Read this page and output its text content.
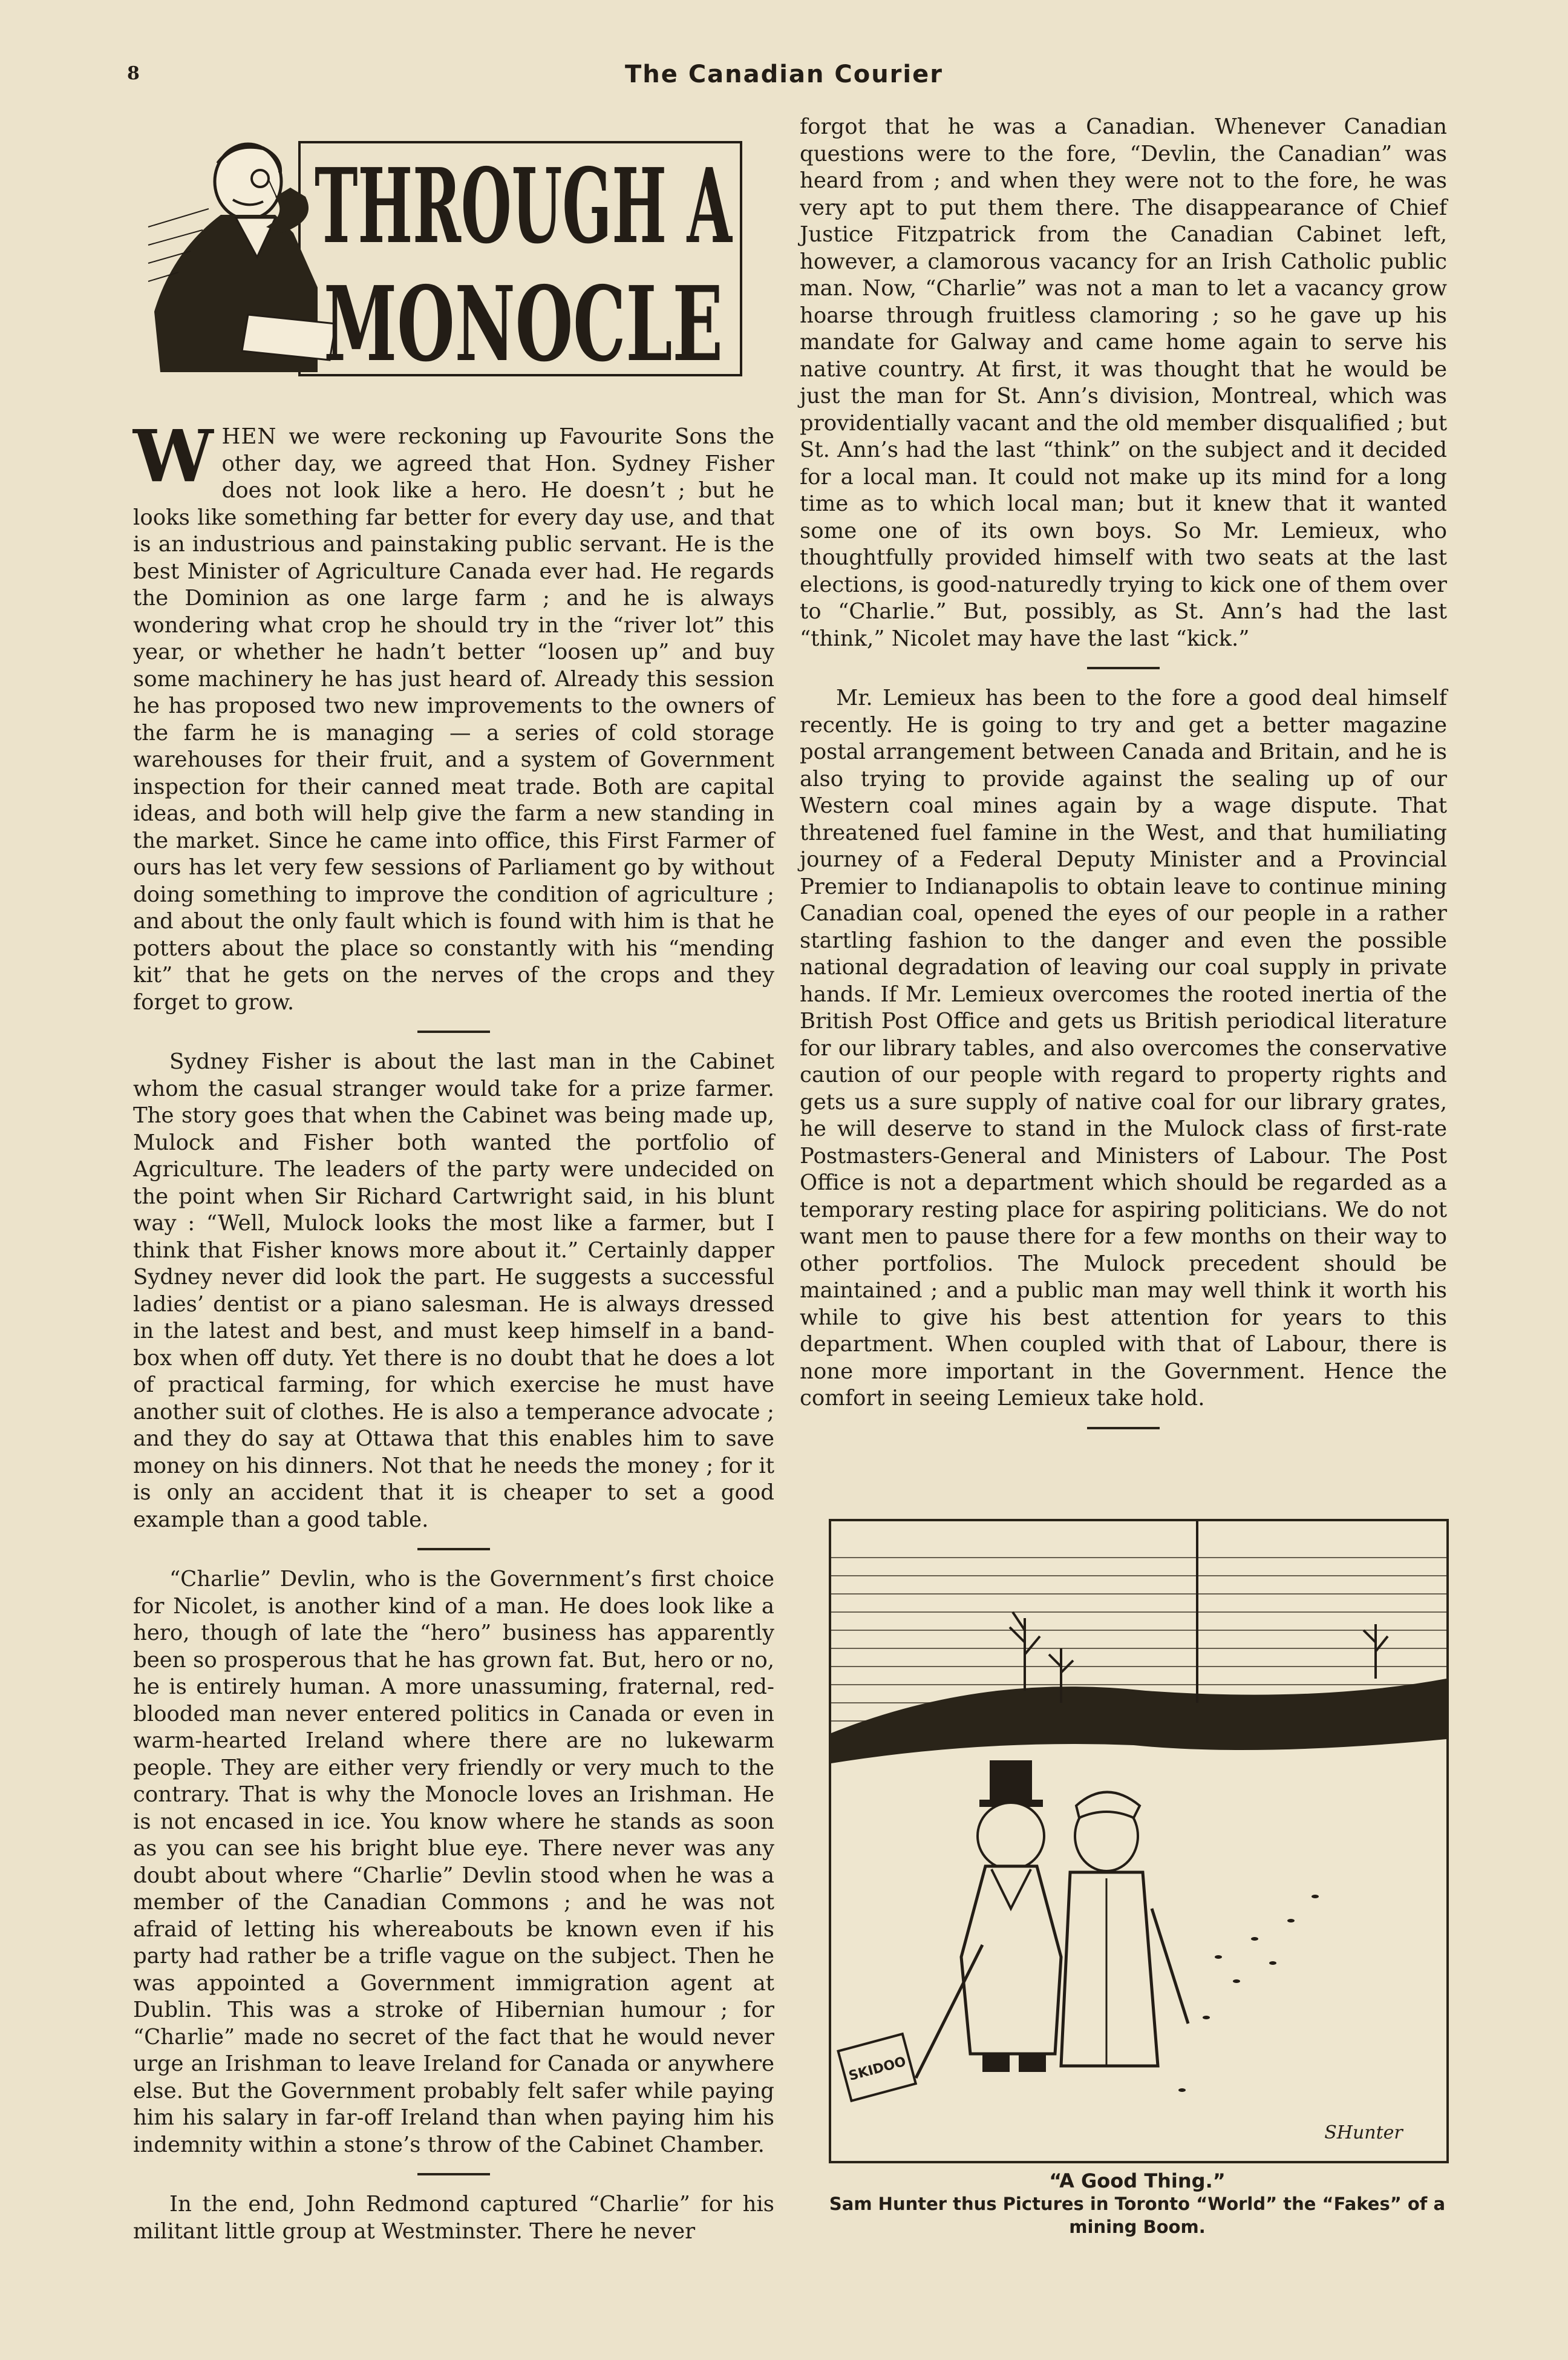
8	The Canadian Courier
THROUGH A
MONOCLE

WHEN we were reckoning up Favourite Sons the other day, we agreed that Hon. Sydney Fisher does not look like a hero. He doesn’t ; but he looks like something far better for every day use, and that is an industrious and painstaking public servant. He is the best Minister of Agriculture Canada ever had. He regards the Dominion as one large farm ; and he is always wondering what crop he should try in the “river lot” this year, or whether he hadn’t better “loosen up” and buy some machinery he has just heard of. Already this session he has proposed two new improvements to the owners of the farm he is managing — a series of cold storage warehouses for their fruit, and a system of Government inspection for their canned meat trade. Both are capital ideas, and both will help give the farm a new standing in the market. Since he came into office, this First Farmer of ours has let very few sessions of Parliament go by without doing something to improve the condition of agriculture ; and about the only fault which is found with him is that he potters about the place so constantly with his “mending kit” that he gets on the nerves of the crops and they forget to grow.

Sydney Fisher is about the last man in the Cabinet whom the casual stranger would take for a prize farmer. The story goes that when the Cabinet was being made up, Mulock and Fisher both wanted the portfolio of Agriculture. The leaders of the party were undecided on the point when Sir Richard Cartwright said, in his blunt way : “Well, Mulock looks the most like a farmer, but I think that Fisher knows more about it.” Certainly dapper Sydney never did look the part. He suggests a successful ladies’ dentist or a piano salesman. He is always dressed in the latest and best, and must keep himself in a band-box when off duty. Yet there is no doubt that he does a lot of practical farming, for which exercise he must have another suit of clothes. He is also a temperance advocate ; and they do say at Ottawa that this enables him to save money on his dinners. Not that he needs the money ; for it is only an accident that it is cheaper to set a good example than a good table.

“Charlie” Devlin, who is the Government’s first choice for Nicolet, is another kind of a man. He does look like a hero, though of late the “hero” business has apparently been so prosperous that he has grown fat. But, hero or no, he is entirely human. A more unassuming, fraternal, red-blooded man never entered politics in Canada or even in warm-hearted Ireland where there are no lukewarm people. They are either very friendly or very much to the contrary. That is why the Monocle loves an Irishman. He is not encased in ice. You know where he stands as soon as you can see his bright blue eye. There never was any doubt about where “Charlie” Devlin stood when he was a member of the Canadian Commons ; and he was not afraid of letting his whereabouts be known even if his party had rather be a trifle vague on the subject. Then he was appointed a Government immigration agent at Dublin. This was a stroke of Hibernian humour ; for “Charlie” made no secret of the fact that he would never urge an Irishman to leave Ireland for Canada or anywhere else. But the Government probably felt safer while paying him his salary in far-off Ireland than when paying him his indemnity within a stone’s throw of the Cabinet Chamber.

In the end, John Redmond captured “Charlie” for his militant little group at Westminster. There he never

forgot that he was a Canadian. Whenever Canadian questions were to the fore, “Devlin, the Canadian” was heard from ; and when they were not to the fore, he was very apt to put them there. The disappearance of Chief Justice Fitzpatrick from the Canadian Cabinet left, however, a clamorous vacancy for an Irish Catholic public man. Now, “Charlie” was not a man to let a vacancy grow hoarse through fruitless clamoring ; so he gave up his mandate for Galway and came home again to serve his native country. At first, it was thought that he would be just the man for St. Ann’s division, Montreal, which was providentially vacant and the old member disqualified ; but St. Ann’s had the last “think” on the subject and it decided for a local man. It could not make up its mind for a long time as to which local man; but it knew that it wanted some one of its own boys. So Mr. Lemieux, who thoughtfully provided himself with two seats at the last elections, is good-naturedly trying to kick one of them over to “Charlie.” But, possibly, as St. Ann’s had the last “think,” Nicolet may have the last “kick.”

Mr. Lemieux has been to the fore a good deal himself recently. He is going to try and get a better magazine postal arrangement between Canada and Britain, and he is also trying to provide against the sealing up of our Western coal mines again by a wage dispute. That threatened fuel famine in the West, and that humiliating journey of a Federal Deputy Minister and a Provincial Premier to Indianapolis to obtain leave to continue mining Canadian coal, opened the eyes of our people in a rather startling fashion to the danger and even the possible national degradation of leaving our coal supply in private hands. If Mr. Lemieux overcomes the rooted inertia of the British Post Office and gets us British periodical literature for our library tables, and also overcomes the conservative caution of our people with regard to property rights and gets us a sure supply of native coal for our library grates, he will deserve to stand in the Mulock class of first-rate Postmasters-General and Ministers of Labour. The Post Office is not a department which should be regarded as a temporary resting place for aspiring politicians. We do not want men to pause there for a few months on their way to other portfolios. The Mulock precedent should be maintained ; and a public man may well think it worth his while to give his best attention for years to this department. When coupled with that of Labour, there is none more important in the Government. Hence the comfort in seeing Lemieux take hold.

SKIDOO
SHunter
“A Good Thing.”
Sam Hunter thus Pictures in Toronto “World” the “Fakes” of a mining Boom.
